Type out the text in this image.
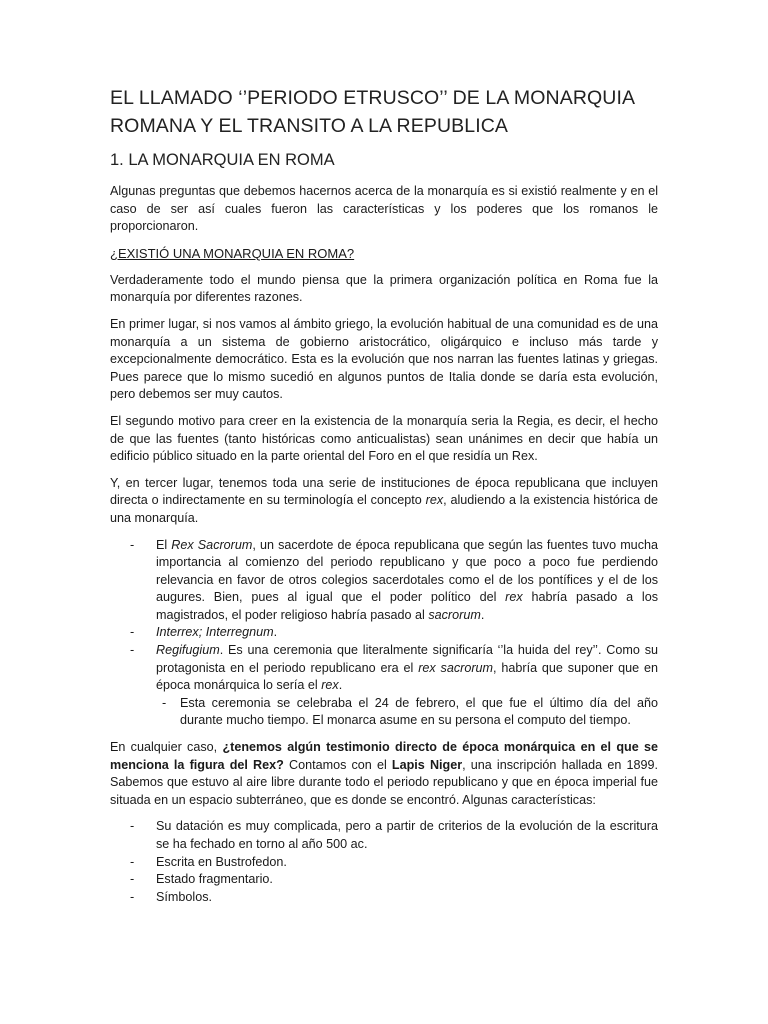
EL LLAMADO ‘’PERIODO ETRUSCO’’ DE LA MONARQUIA ROMANA Y EL TRANSITO A LA REPUBLICA
1. LA MONARQUIA EN ROMA

Algunas preguntas que debemos hacernos acerca de la monarquía es si existió realmente y en el caso de ser así cuales fueron las características y los poderes que los romanos le proporcionaron.

¿EXISTIÓ UNA MONARQUIA EN ROMA?

Verdaderamente todo el mundo piensa que la primera organización política en Roma fue la monarquía por diferentes razones.

En primer lugar, si nos vamos al ámbito griego, la evolución habitual de una comunidad es de una monarquía a un sistema de gobierno aristocrático, oligárquico e incluso más tarde y excepcionalmente democrático. Esta es la evolución que nos narran las fuentes latinas y griegas. Pues parece que lo mismo sucedió en algunos puntos de Italia donde se daría esta evolución, pero debemos ser muy cautos.

El segundo motivo para creer en la existencia de la monarquía seria la Regia, es decir, el hecho de que las fuentes (tanto históricas como anticualistas) sean unánimes en decir que había un edificio público situado en la parte oriental del Foro en el que residía un Rex.

Y, en tercer lugar, tenemos toda una serie de instituciones de época republicana que incluyen directa o indirectamente en su terminología el concepto rex, aludiendo a la existencia histórica de una monarquía.

- El Rex Sacrorum, un sacerdote de época republicana que según las fuentes tuvo mucha importancia al comienzo del periodo republicano y que poco a poco fue perdiendo relevancia en favor de otros colegios sacerdotales como el de los pontífices y el de los augures. Bien, pues al igual que el poder político del rex habría pasado a los magistrados, el poder religioso habría pasado al sacrorum.
- Interrex; Interregnum.
- Regifugium. Es una ceremonia que literalmente significaría ‘’la huida del rey’’. Como su protagonista en el periodo republicano era el rex sacrorum, habría que suponer que en época monárquica lo sería el rex.
- Esta ceremonia se celebraba el 24 de febrero, el que fue el último día del año durante mucho tiempo. El monarca asume en su persona el computo del tiempo.

En cualquier caso, ¿tenemos algún testimonio directo de época monárquica en el que se menciona la figura del Rex? Contamos con el Lapis Niger, una inscripción hallada en 1899. Sabemos que estuvo al aire libre durante todo el periodo republicano y que en época imperial fue situada en un espacio subterráneo, que es donde se encontró. Algunas características:

- Su datación es muy complicada, pero a partir de criterios de la evolución de la escritura se ha fechado en torno al año 500 ac.
- Escrita en Bustrofedon.
- Estado fragmentario.
- Símbolos.
